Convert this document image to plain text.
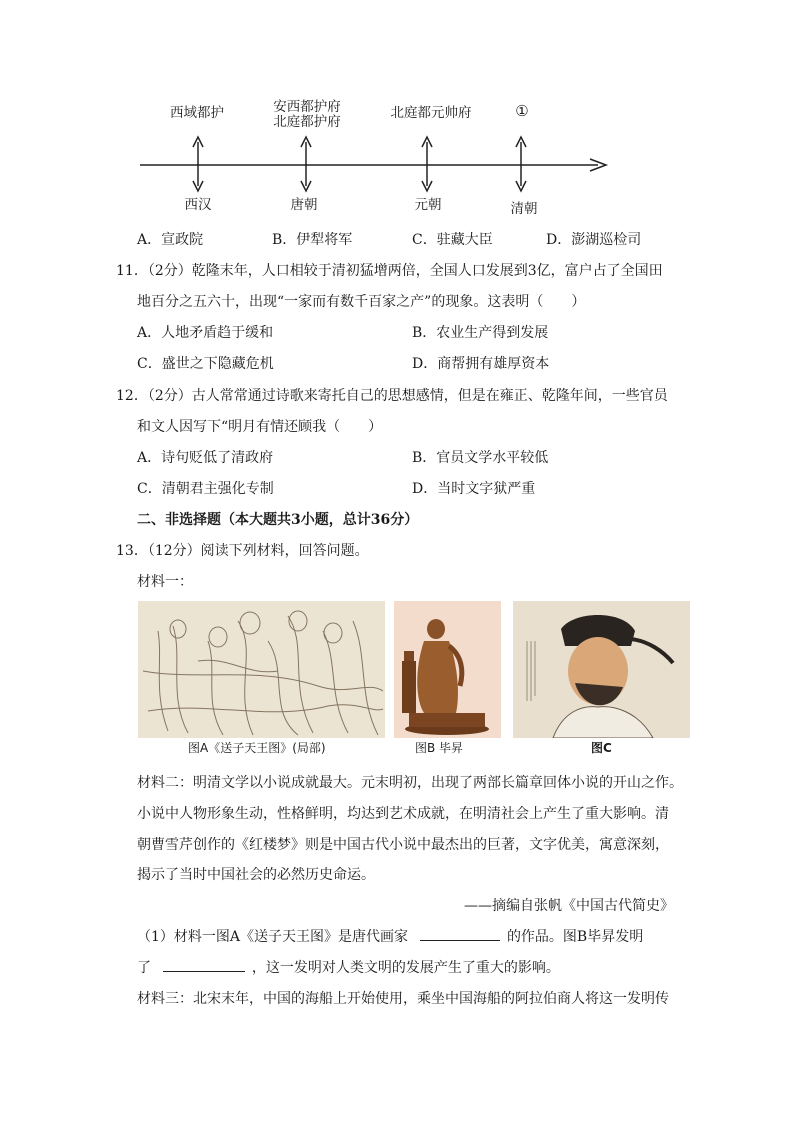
西域都护	安西都护府
北庭都护府
北庭都元帅府	①
西汉	唐朝	元朝	清朝
A．宣政院	B．伊犁将军	C．驻藏大臣	D．澎湖巡检司
11．（2分）乾隆末年，人口相较于清初猛增两倍，全国人口发展到3亿，富户占了全国田
地百分之五六十，出现“一家而有数千百家之产”的现象。这表明（　　）
A．人地矛盾趋于缓和	B．农业生产得到发展
C．盛世之下隐藏危机	D．商帮拥有雄厚资本
12．（2分）古人常常通过诗歌来寄托自己的思想感情，但是在雍正、乾隆年间，一些官员
和文人因写下“明月有情还顾我（　　）
A．诗句贬低了清政府	B．官员文学水平较低
C．清朝君主强化专制	D．当时文字狱严重
二、非选择题（本大题共3小题，总计36分）
13．（12分）阅读下列材料，回答问题。
材料一：
图A《送子天王图》(局部)	图B 毕昇	图C
材料二：明清文学以小说成就最大。元末明初，出现了两部长篇章回体小说的开山之作。
小说中人物形象生动，性格鲜明，均达到艺术成就，在明清社会上产生了重大影响。清
朝曹雪芹创作的《红楼梦》则是中国古代小说中最杰出的巨著，文字优美，寓意深刻，
揭示了当时中国社会的必然历史命运。
——摘编自张帆《中国古代简史》
（1）材料一图A《送子天王图》是唐代画家	的作品。图B毕昇发明
了	，这一发明对人类文明的发展产生了重大的影响。
材料三：北宋末年，中国的海船上开始使用，乘坐中国海船的阿拉伯商人将这一发明传
